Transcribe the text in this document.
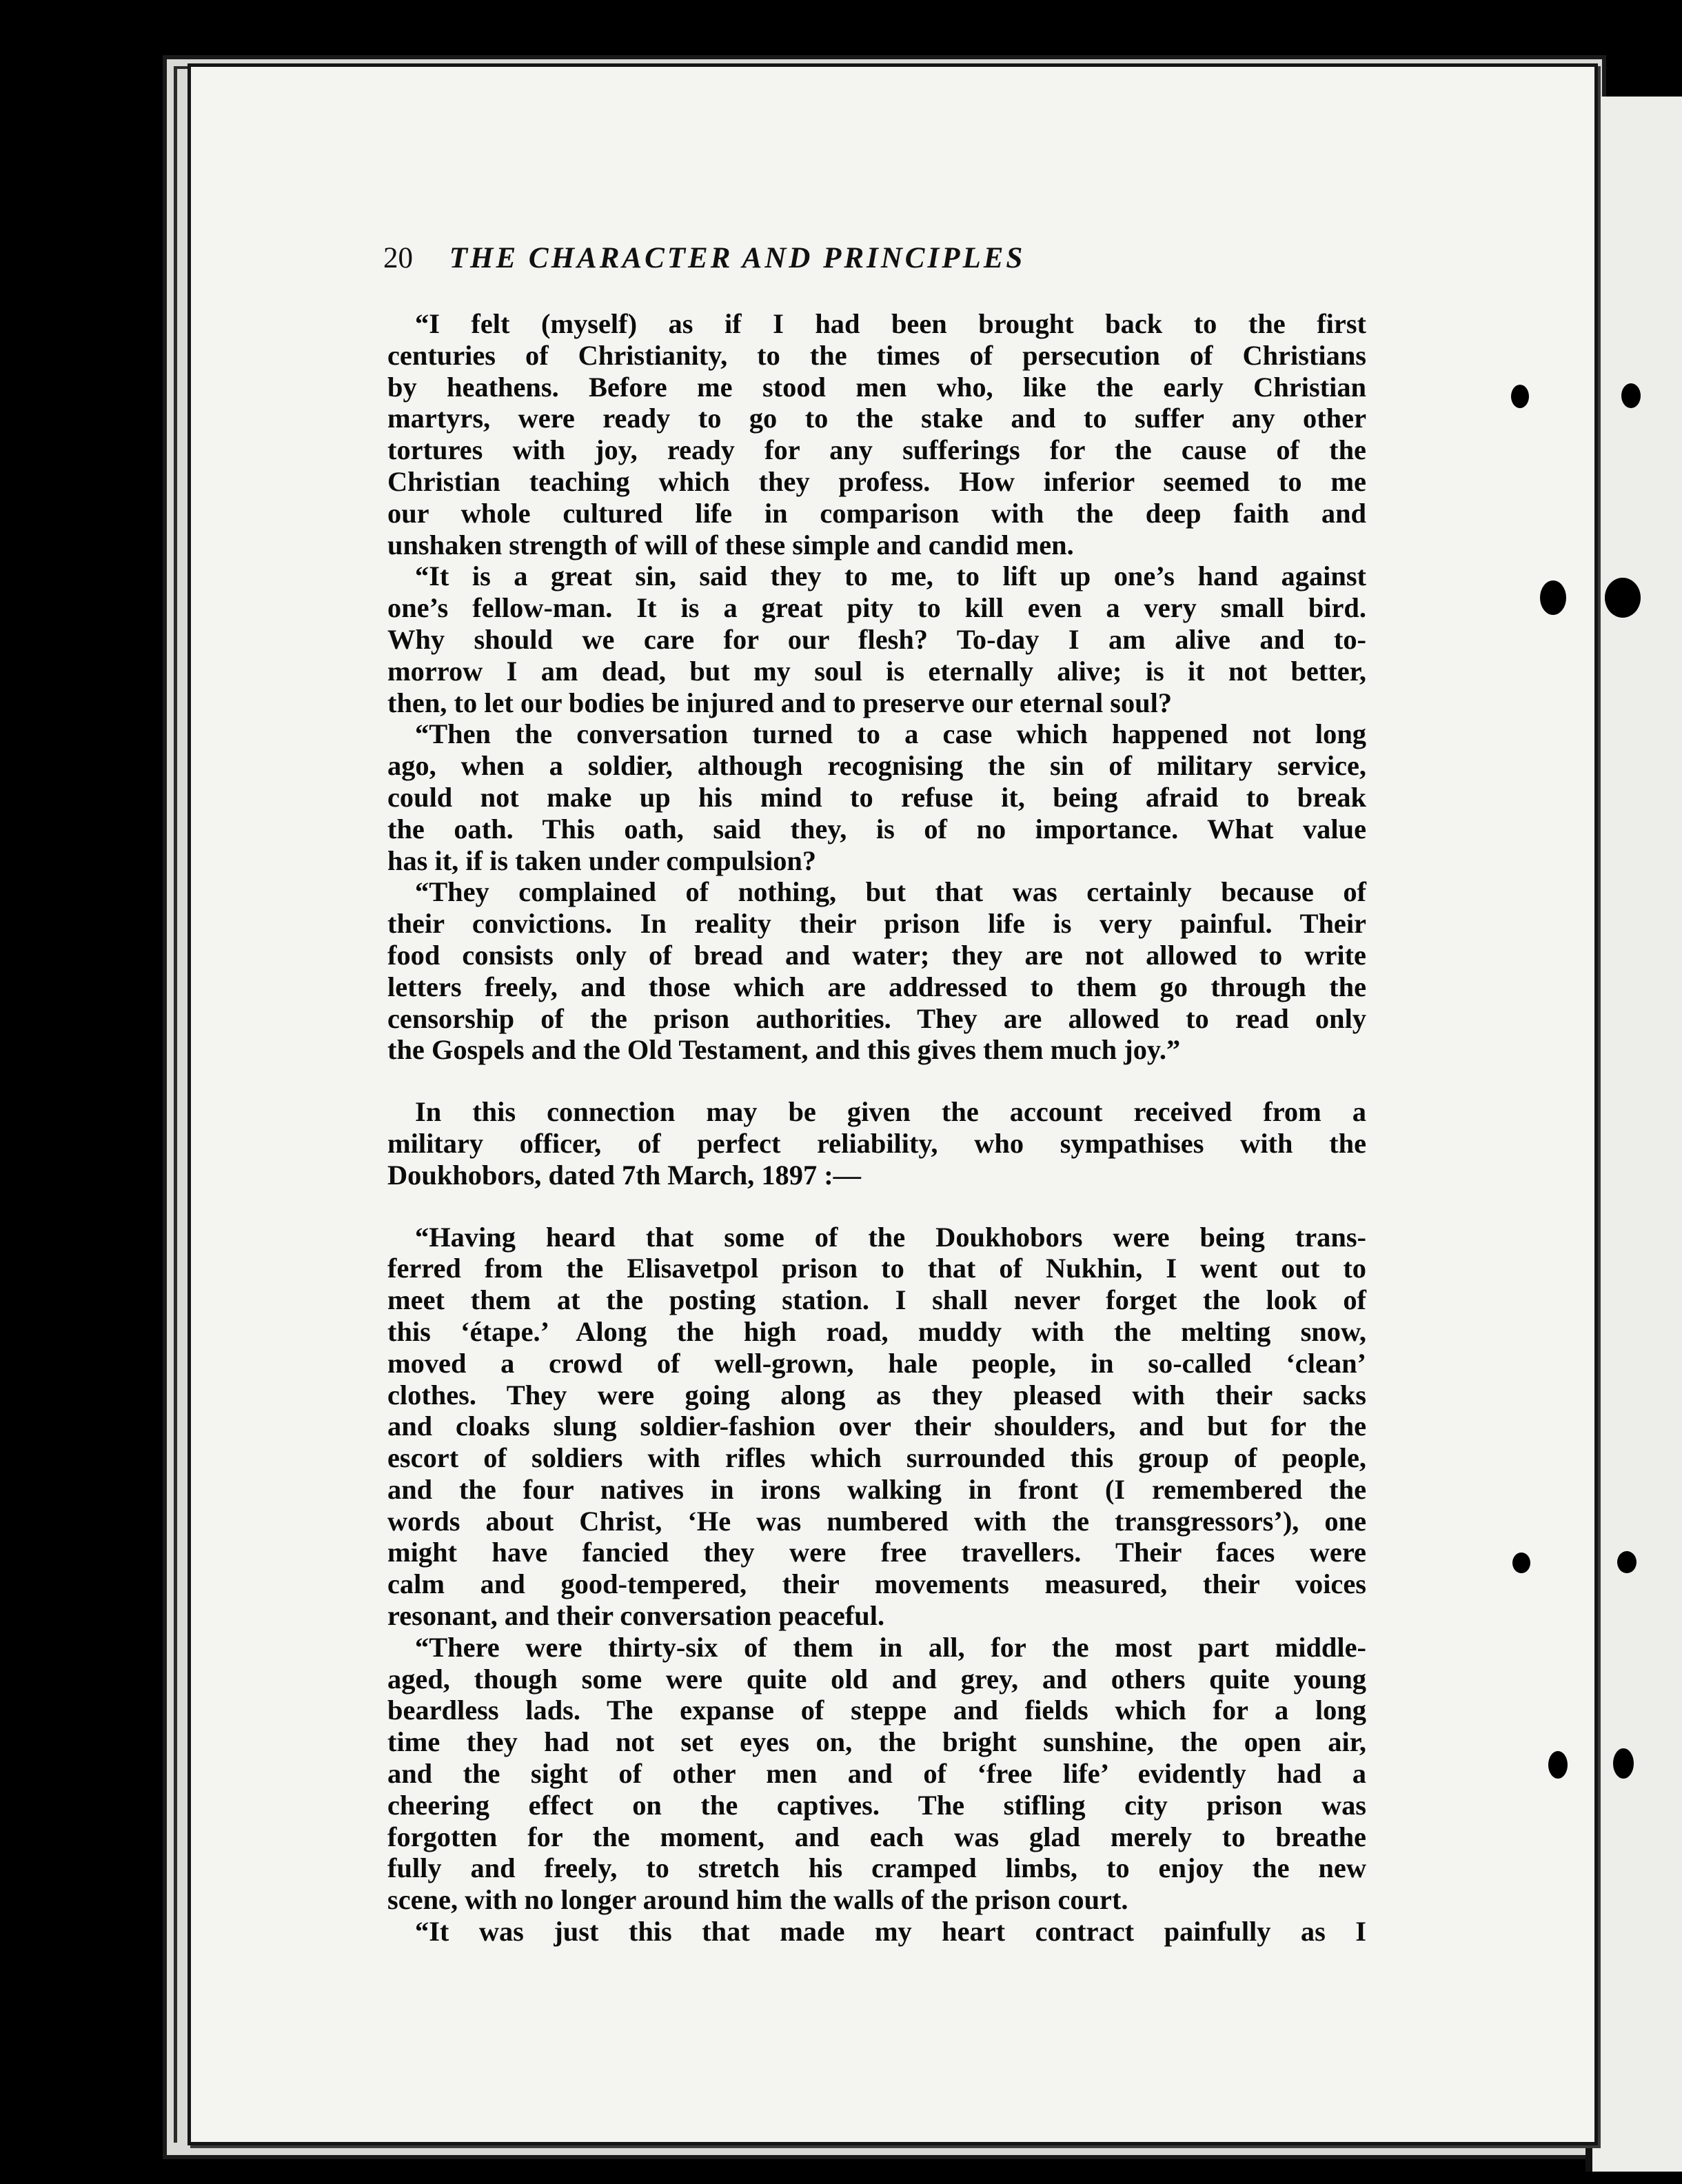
20 THE CHARACTER AND PRINCIPLES
“I felt (myself) as if I had been brought back to the first
centuries of Christianity, to the times of persecution of Christians
by heathens. Before me stood men who, like the early Christian
martyrs, were ready to go to the stake and to suffer any other
tortures with joy, ready for any sufferings for the cause of the
Christian teaching which they profess. How inferior seemed to me
our whole cultured life in comparison with the deep faith and
unshaken strength of will of these simple and candid men.
“It is a great sin, said they to me, to lift up one’s hand against
one’s fellow-man. It is a great pity to kill even a very small bird.
Why should we care for our flesh? To-day I am alive and to-
morrow I am dead, but my soul is eternally alive; is it not better,
then, to let our bodies be injured and to preserve our eternal soul?
“Then the conversation turned to a case which happened not long
ago, when a soldier, although recognising the sin of military service,
could not make up his mind to refuse it, being afraid to break
the oath. This oath, said they, is of no importance. What value
has it, if is taken under compulsion?
“They complained of nothing, but that was certainly because of
their convictions. In reality their prison life is very painful. Their
food consists only of bread and water; they are not allowed to write
letters freely, and those which are addressed to them go through the
censorship of the prison authorities. They are allowed to read only
the Gospels and the Old Testament, and this gives them much joy.”
In this connection may be given the account received from a
military officer, of perfect reliability, who sympathises with the
Doukhobors, dated 7th March, 1897 :—
“Having heard that some of the Doukhobors were being trans-
ferred from the Elisavetpol prison to that of Nukhin, I went out to
meet them at the posting station. I shall never forget the look of
this ‘étape.’ Along the high road, muddy with the melting snow,
moved a crowd of well-grown, hale people, in so-called ‘clean’
clothes. They were going along as they pleased with their sacks
and cloaks slung soldier-fashion over their shoulders, and but for the
escort of soldiers with rifles which surrounded this group of people,
and the four natives in irons walking in front (I remembered the
words about Christ, ‘He was numbered with the transgressors’), one
might have fancied they were free travellers. Their faces were
calm and good-tempered, their movements measured, their voices
resonant, and their conversation peaceful.
“There were thirty-six of them in all, for the most part middle-
aged, though some were quite old and grey, and others quite young
beardless lads. The expanse of steppe and fields which for a long
time they had not set eyes on, the bright sunshine, the open air,
and the sight of other men and of ‘free life’ evidently had a
cheering effect on the captives. The stifling city prison was
forgotten for the moment, and each was glad merely to breathe
fully and freely, to stretch his cramped limbs, to enjoy the new
scene, with no longer around him the walls of the prison court.
“It was just this that made my heart contract painfully as I
